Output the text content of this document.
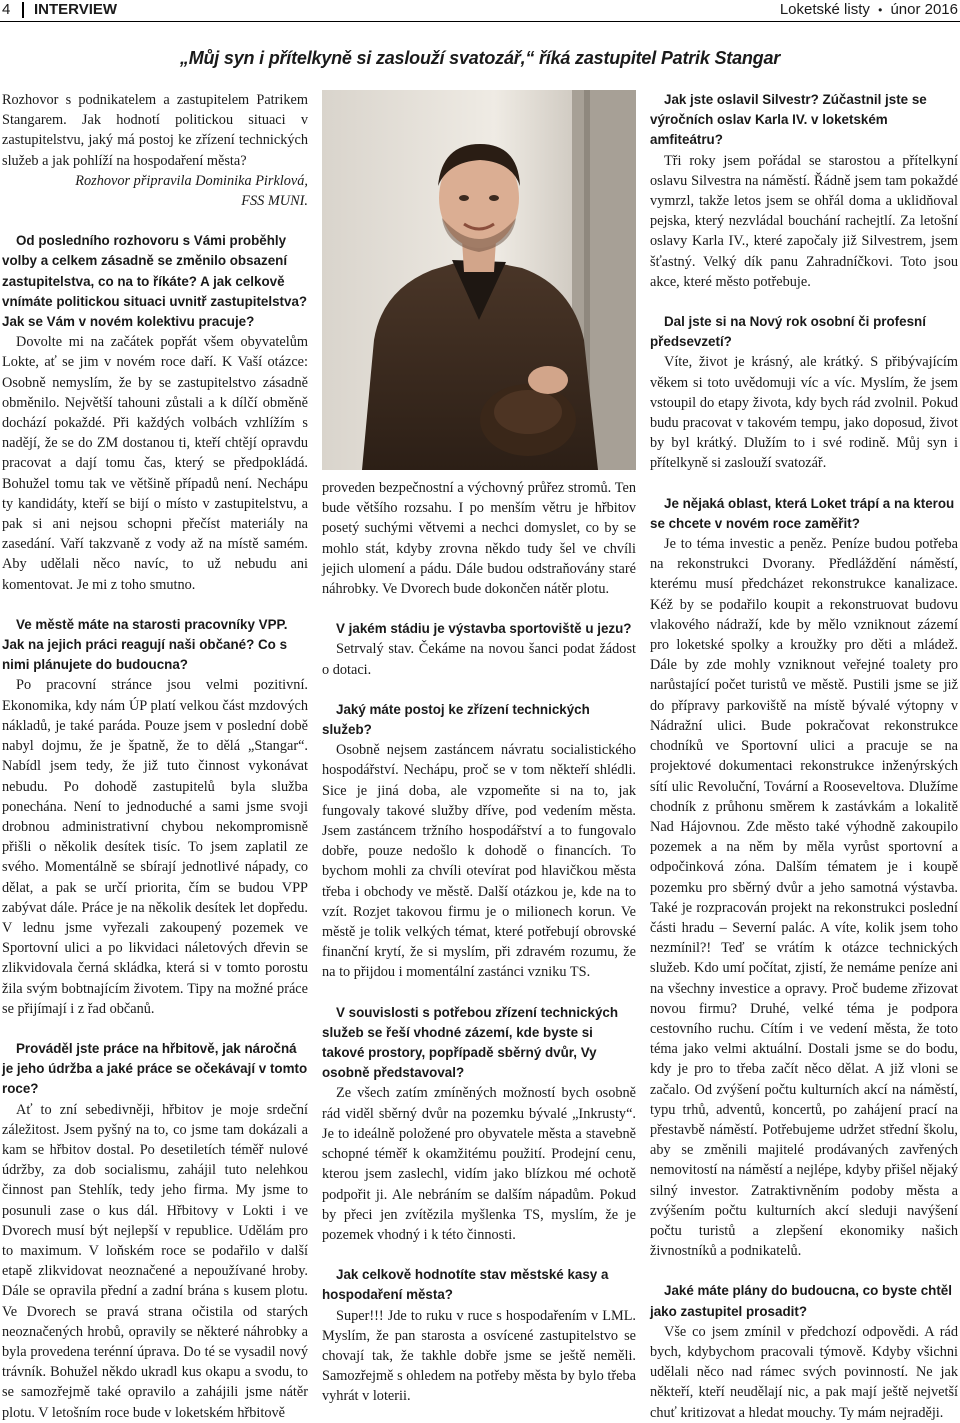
4 INTERVIEW	Loketské listy • únor 2016
„Můj syn i přítelkyně si zaslouží svatozář,“ říká zastupitel Patrik Stangar

Rozhovor s podnikatelem a zastupitelem Patrikem Stangarem. Jak hodnotí politickou situaci v zastupitelstvu, jaký má postoj ke zřízení technických služeb a jak pohlíží na hospodaření města?

Rozhovor připravila Dominika Pirklová,

FSS MUNI.

Od posledního rozhovoru s Vámi proběhly volby a celkem zásadně se změnilo obsazení zastupitelstva, co na to říkáte? A jak celkově vnímáte politickou situaci uvnitř zastupitelstva? Jak se Vám v novém kolektivu pracuje?

Dovolte mi na začátek popřát všem obyvatelům Lokte, ať se jim v novém roce daří. K Vaší otázce: Osobně nemyslím, že by se zastupitelstvo zásadně obměnilo. Největší tahouni zůstali a k dílčí obměně dochází pokaždé. Při každých volbách vzhlížím s nadějí, že se do ZM dostanou ti, kteří chtějí opravdu pracovat a dají tomu čas, který se předpokládá. Bohužel tomu tak ve většině případů není. Nechápu ty kandidáty, kteří se bijí o místo v zastupitelstvu, a pak si ani nejsou schopni přečíst materiály na zasedání. Vaří takzvaně z vody až na místě samém. Aby udělali něco navíc, to už nebudu ani komentovat. Je mi z toho smutno.

Ve městě máte na starosti pracovníky VPP. Jak na jejich práci reagují naši občané? Co s nimi plánujete do budoucna?

Po pracovní stránce jsou velmi pozitivní. Ekonomika, kdy nám ÚP platí velkou část mzdových nákladů, je také paráda. Pouze jsem v poslední době nabyl dojmu, že je špatně, že to dělá „Stangar“. Nabídl jsem tedy, že již tuto činnost vykonávat nebudu. Po dohodě zastupitelů byla služba ponechána. Není to jednoduché a sami jsme svoji drobnou administrativní chybou nekompromisně přišli o několik desítek tisíc. To jsem zaplatil ze svého. Momentálně se sbírají jednotlivé nápady, co dělat, a pak se určí priorita, čím se budou VPP zabývat dále. Práce je na několik desítek let dopředu. V lednu jsme vyřezali zakoupený pozemek ve Sportovní ulici a po likvidaci náletových dřevin se zlikvidovala černá skládka, která si v tomto porostu žila svým bobtnajícím životem. Tipy na možné práce se přijímají i z řad občanů.

Prováděl jste práce na hřbitově, jak náročná je jeho údržba a jaké práce se očekávají v tomto roce?

Ať to zní sebedivněji, hřbitov je moje srdeční záležitost. Jsem pyšný na to, co jsme tam dokázali a kam se hřbitov dostal. Po desetiletích téměř nulové údržby, za dob socialismu, zahájil tuto nelehkou činnost pan Stehlík, tedy jeho firma. My jsme to posunuli zase o kus dál. Hřbitovy v Lokti i ve Dvorech musí být nejlepší v republice. Udělám pro to maximum. V loňském roce se podařilo v další etapě zlikvidovat neoznačené a nepoužívané hroby. Dále se opravila přední a zadní brána s kusem plotu. Ve Dvorech se pravá strana očistila od starých neoznačených hrobů, opravily se některé náhrobky a byla provedena terénní úprava. Do té se vysadil nový trávník. Bohužel někdo ukradl kus okapu a svodu, to se samozřejmě také opravilo a zahájili jsme nátěr plotu. V letošním roce bude v loketském hřbitově

proveden bezpečnostní a výchovný průřez stromů. Ten bude většího rozsahu. I po menším větru je hřbitov posetý suchými větvemi a nechci domyslet, co by se mohlo stát, kdyby zrovna někdo tudy šel ve chvíli jejich ulomení a pádu. Dále budou odstraňovány staré náhrobky. Ve Dvorech bude dokončen nátěr plotu.

V jakém stádiu je výstavba sportoviště u jezu?

Setrvalý stav. Čekáme na novou šanci podat žádost o dotaci.

Jaký máte postoj ke zřízení technických služeb?

Osobně nejsem zastáncem návratu socialistického hospodářství. Nechápu, proč se v tom někteří shlédli. Sice je jiná doba, ale vzpomeňte si na to, jak fungovaly takové služby dříve, pod vedením města. Jsem zastáncem tržního hospodářství a to fungovalo dobře, pouze nedošlo k dohodě o financích. To bychom mohli za chvíli otevírat pod hlavičkou města třeba i obchody ve městě. Další otázkou je, kde na to vzít. Rozjet takovou firmu je o milionech korun. Ve městě je tolik velkých témat, které potřebují obrovské finanční krytí, že si myslím, při zdravém rozumu, že na to přijdou i momentální zastánci vzniku TS.

V souvislosti s potřebou zřízení technických služeb se řeší vhodné zázemí, kde byste si takové prostory, popřípadě sběrný dvůr, Vy osobně představoval?

Ze všech zatím zmíněných možností bych osobně rád viděl sběrný dvůr na pozemku bývalé „Inkrusty“. Je to ideálně položené pro obyvatele města a stavebně schopné téměř k okamžitému použití. Prodejní cenu, kterou jsem zaslechl, vidím jako blízkou mé ochotě podpořit ji. Ale nebráním se dalším nápadům. Pokud by přeci jen zvítězila myšlenka TS, myslím, že je pozemek vhodný i k této činnosti.

Jak celkově hodnotíte stav městské kasy a hospodaření města?

Super!!! Jde to ruku v ruce s hospodařením v LML. Myslím, že pan starosta a osvícené zastupitelstvo se chovají tak, že takhle dobře jsme se ještě neměli. Samozřejmě s ohledem na potřeby města by bylo třeba vyhrát v loterii.

Jak jste oslavil Silvestr? Zúčastnil jste se výročních oslav Karla IV. v loketském amfiteátru?

Tři roky jsem pořádal se starostou a přítelkyní oslavu Silvestra na náměstí. Řádně jsem tam pokaždé vymrzl, takže letos jsem se ohřál doma a uklidňoval pejska, který nezvládal bouchání rachejtlí. Za letošní oslavy Karla IV., které započaly již Silvestrem, jsem šťastný. Velký dík panu Zahradníčkovi. Toto jsou akce, které město potřebuje.

Dal jste si na Nový rok osobní či profesní předsevzetí?

Víte, život je krásný, ale krátký. S přibývajícím věkem si toto uvědomuji víc a víc. Myslím, že jsem vstoupil do etapy života, kdy bych rád zvolnil. Pokud budu pracovat v takovém tempu, jako doposud, život by byl krátký. Dlužím to i své rodině. Můj syn i přítelkyně si zaslouží svatozář.

Je nějaká oblast, která Loket trápí a na kterou se chcete v novém roce zaměřit?

Je to téma investic a peněz. Peníze budou potřeba na rekonstrukci Dvorany. Předláždění náměstí, kterému musí předcházet rekonstrukce kanalizace. Kéž by se podařilo koupit a rekonstruovat budovu vlakového nádraží, kde by mělo vzniknout zázemí pro loketské spolky a kroužky pro děti a mládež. Dále by zde mohly vzniknout veřejné toalety pro narůstající počet turistů ve městě. Pustili jsme se již do přípravy parkoviště na místě bývalé výtopny v Nádražní ulici. Bude pokračovat rekonstrukce chodníků ve Sportovní ulici a pracuje se na projektové dokumentaci rekonstrukce inženýrských sítí ulic Revoluční, Tovární a Rooseveltova. Dlužíme chodník z průhonu směrem k zastávkám a lokalitě Nad Hájovnou. Zde město také výhodně zakoupilo pozemek a na něm by měla vyrůst sportovní a odpočinková zóna. Dalším tématem je i koupě pozemku pro sběrný dvůr a jeho samotná výstavba. Také je rozpracován projekt na rekonstrukci poslední části hradu – Severní palác. A víte, kolik jsem toho nezmínil?! Teď se vrátím k otázce technických služeb. Kdo umí počítat, zjistí, že nemáme peníze ani na všechny investice a opravy. Proč budeme zřizovat novou firmu? Druhé, velké téma je podpora cestovního ruchu. Cítím i ve vedení města, že toto téma jako velmi aktuální. Dostali jsme se do bodu, kdy je pro to třeba začít něco dělat. A již vloni se začalo. Od zvýšení počtu kulturních akcí na náměstí, typu trhů, adventů, koncertů, po zahájení prací na přestavbě náměstí. Potřebujeme udržet střední školu, aby se změnili majitelé prodávaných zavřených nemovitostí na náměstí a nejlépe, kdyby přišel nějaký silný investor. Zatraktivněním podoby města a zvýšením počtu kulturních akcí sleduji navýšení počtu turistů a zlepšení ekonomiky našich živnostníků a podnikatelů.

Jaké máte plány do budoucna, co byste chtěl jako zastupitel prosadit?

Vše co jsem zmínil v předchozí odpovědi. A rád bych, kdybychom pracovali týmově. Kdyby všichni udělali něco nad rámec svých povinností. Ne jak někteří, kteří neudělají nic, a pak mají ještě nejvetší chuť kritizovat a hledat mouchy. Ty mám nejraději.
